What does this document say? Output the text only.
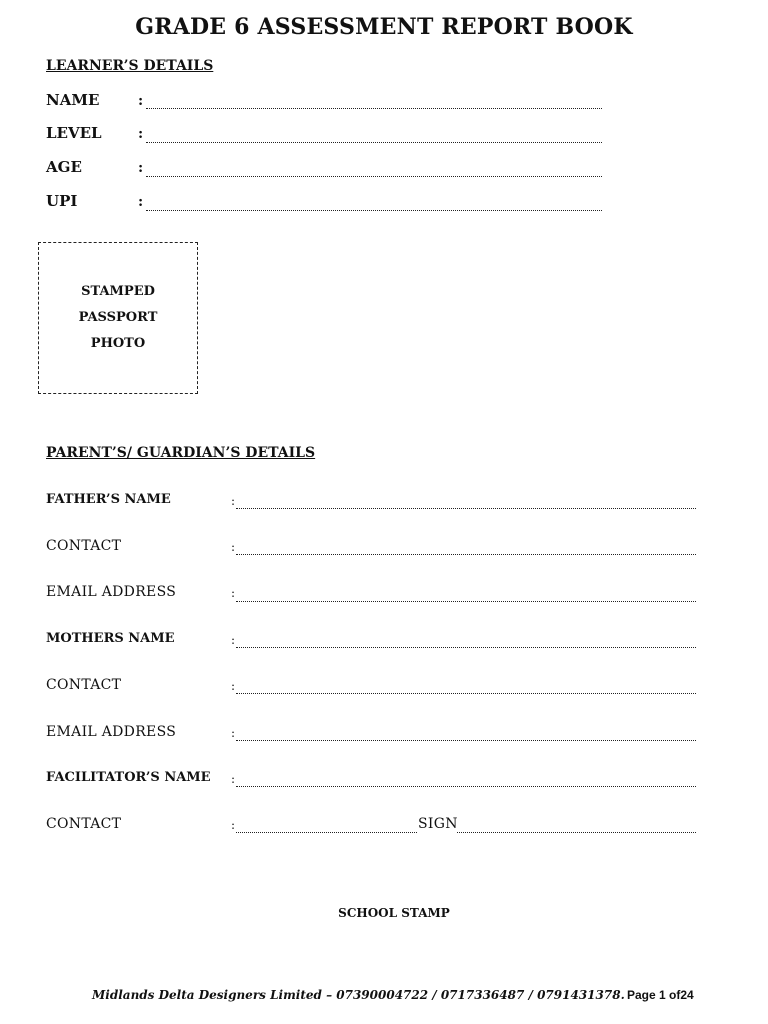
GRADE 6 ASSESSMENT REPORT BOOK
LEARNER’S DETAILS
NAME	:
LEVEL	:
AGE	:
UPI	:
STAMPED
PASSPORT
PHOTO
PARENT’S/ GUARDIAN’S DETAILS
FATHER’S NAME	:
CONTACT	:
EMAIL ADDRESS	:
MOTHERS NAME	:
CONTACT	:
EMAIL ADDRESS	:
FACILITATOR’S NAME :
CONTACT	:	SIGN
SCHOOL STAMP
Midlands Delta Designers Limited – 07390004722 / 0717336487 / 0791431378. Page 1 of24
